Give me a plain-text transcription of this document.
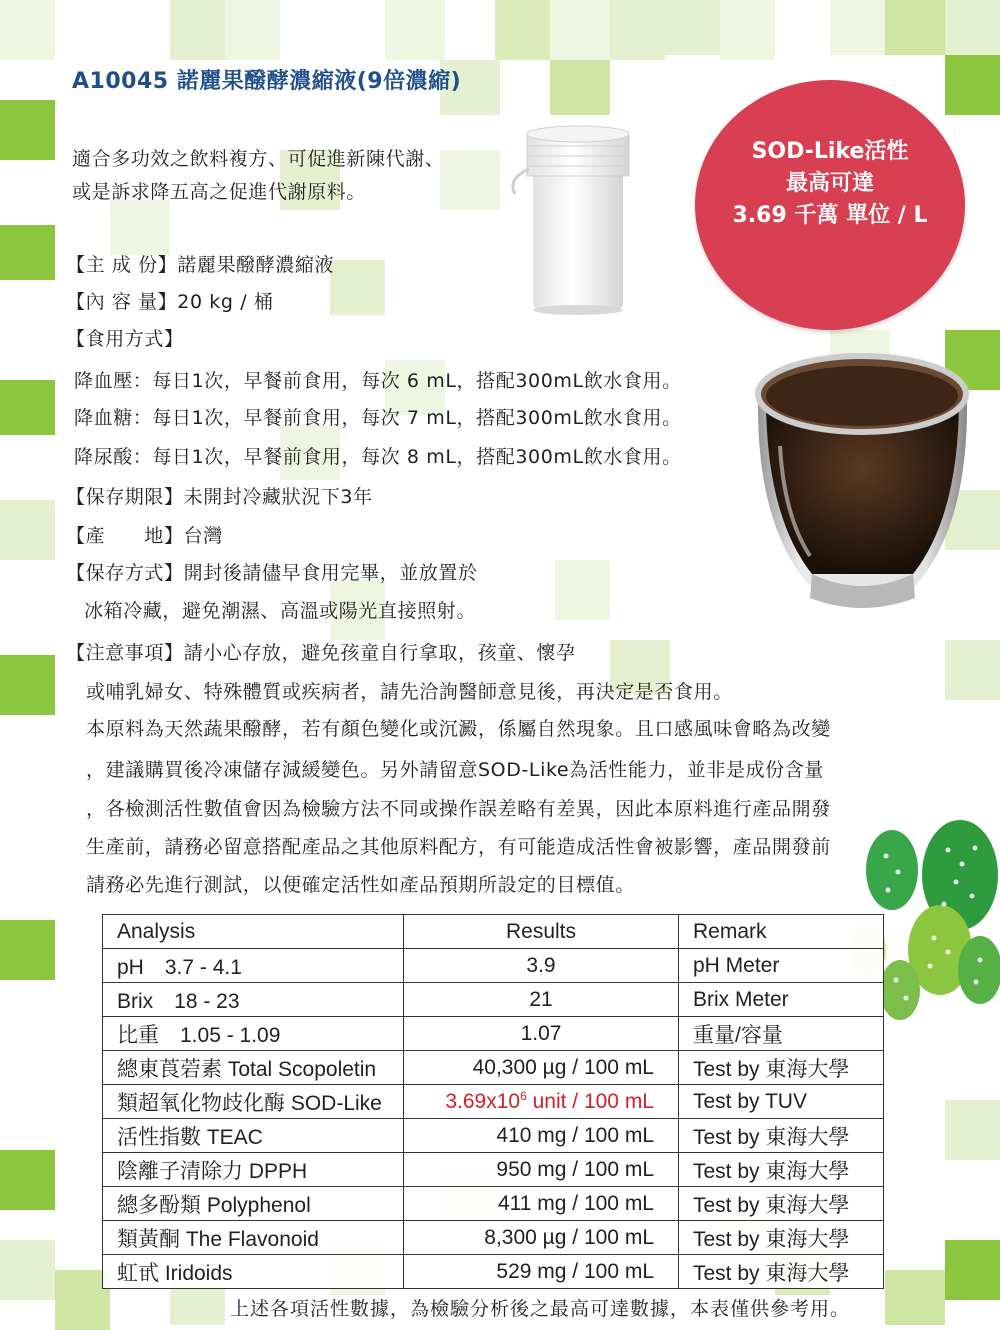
A10045 諾麗果醱酵濃縮液(9倍濃縮)
適合多功效之飲料複方、可促進新陳代謝、
或是訴求降五高之促進代謝原料。
SOD-Like活性
最高可達
3.69 千萬 單位 / L
【主 成 份】諾麗果醱酵濃縮液
【內 容 量】20 kg / 桶
【食用方式】
降血壓：每日1次，早餐前食用，每次 6 mL，搭配300mL飲水食用。
降血糖：每日1次，早餐前食用，每次 7 mL，搭配300mL飲水食用。
降尿酸：每日1次，早餐前食用，每次 8 mL，搭配300mL飲水食用。
【保存期限】未開封冷藏狀況下3年
【產　　地】台灣
【保存方式】開封後請儘早食用完畢，並放置於
冰箱冷藏，避免潮濕、高溫或陽光直接照射。
【注意事項】請小心存放，避免孩童自行拿取，孩童、懷孕
或哺乳婦女、特殊體質或疾病者，請先洽詢醫師意見後，再決定是否食用。
本原料為天然蔬果醱酵，若有顏色變化或沉澱，係屬自然現象。且口感風味會略為改變
，建議購買後冷凍儲存減緩變色。另外請留意SOD-Like為活性能力，並非是成份含量
，各檢測活性數值會因為檢驗方法不同或操作誤差略有差異，因此本原料進行產品開發
生產前，請務必留意搭配產品之其他原料配方，有可能造成活性會被影響，產品開發前
請務必先進行測試，以便確定活性如產品預期所設定的目標值。
Analysis	Results	Remark
pH　3.7 - 4.1	3.9	pH Meter
Brix　18 - 23	21	Brix Meter
比重　1.05 - 1.09	1.07	重量/容量
總東莨菪素 Total Scopoletin	40,300 µg / 100 mL	Test by 東海大學
類超氧化物歧化酶 SOD-Like	$3.69x10^6$ unit / 100 mL	Test by TUV
活性指數 TEAC	410 mg / 100 mL	Test by 東海大學
陰離子清除力 DPPH	950 mg / 100 mL	Test by 東海大學
總多酚類 Polyphenol	411 mg / 100 mL	Test by 東海大學
類黃酮 The Flavonoid	8,300 µg / 100 mL	Test by 東海大學
虹甙 Iridoids	529 mg / 100 mL	Test by 東海大學
上述各項活性數據，為檢驗分析後之最高可達數據，本表僅供參考用。
